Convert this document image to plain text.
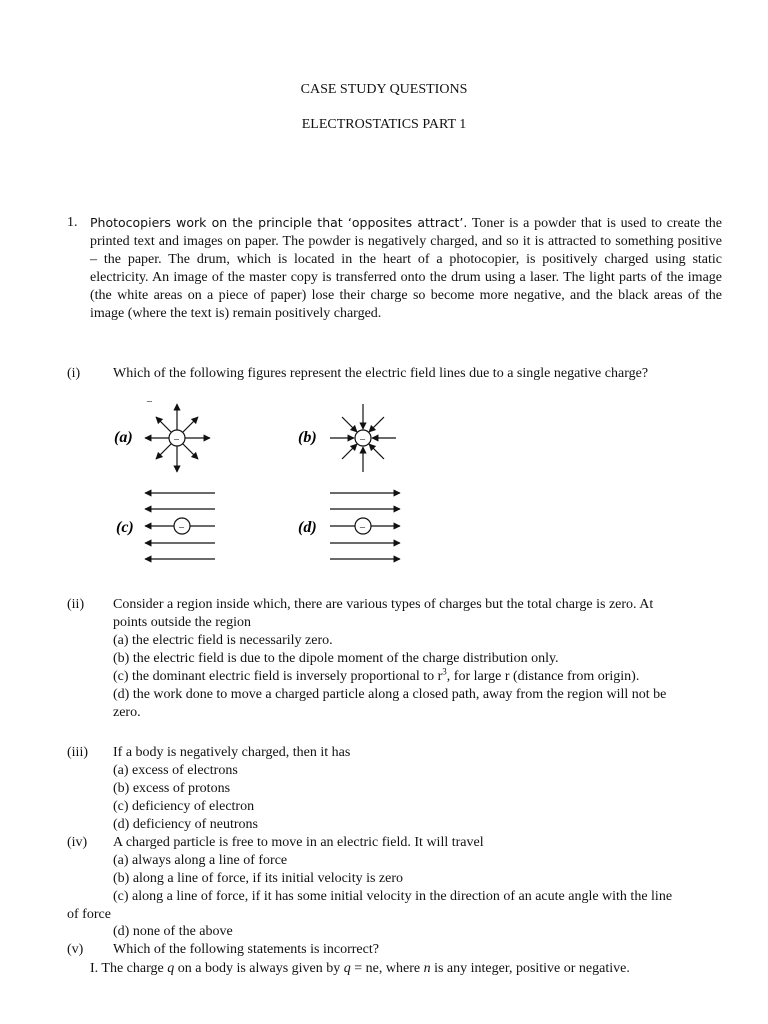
CASE STUDY QUESTIONS
ELECTROSTATICS PART 1
1. Photocopiers work on the principle that ‘opposites attract’. Toner is a powder that is used to create the printed text and images on paper. The powder is negatively charged, and so it is attracted to something positive – the paper. The drum, which is located in the heart of a photocopier, is positively charged using static electricity. An image of the master copy is transferred onto the drum using a laser. The light parts of the image (the white areas on a piece of paper) lose their charge so become more negative, and the black areas of the image (where the text is) remain positively charged.
(i) Which of the following figures represent the electric field lines due to a single negative charge?
(a)
–
–	(b)	–
(c)	–	(d)	–
(ii) Consider a region inside which, there are various types of charges but the total charge is zero. At
points outside the region
(a) the electric field is necessarily zero.
(b) the electric field is due to the dipole moment of the charge distribution only.
(c) the dominant electric field is inversely proportional to $r^3$, for large r (distance from origin).
(d) the work done to move a charged particle along a closed path, away from the region will not be
zero.
(iii) If a body is negatively charged, then it has
(a) excess of electrons
(b) excess of protons
(c) deficiency of electron
(d) deficiency of neutrons
(iv) A charged particle is free to move in an electric field. It will travel
(a) always along a line of force
(b) along a line of force, if its initial velocity is zero
(c) along a line of force, if it has some initial velocity in the direction of an acute angle with the line
of force
(d) none of the above
(v) Which of the following statements is incorrect?
I. The charge q on a body is always given by q = ne, where n is any integer, positive or negative.
